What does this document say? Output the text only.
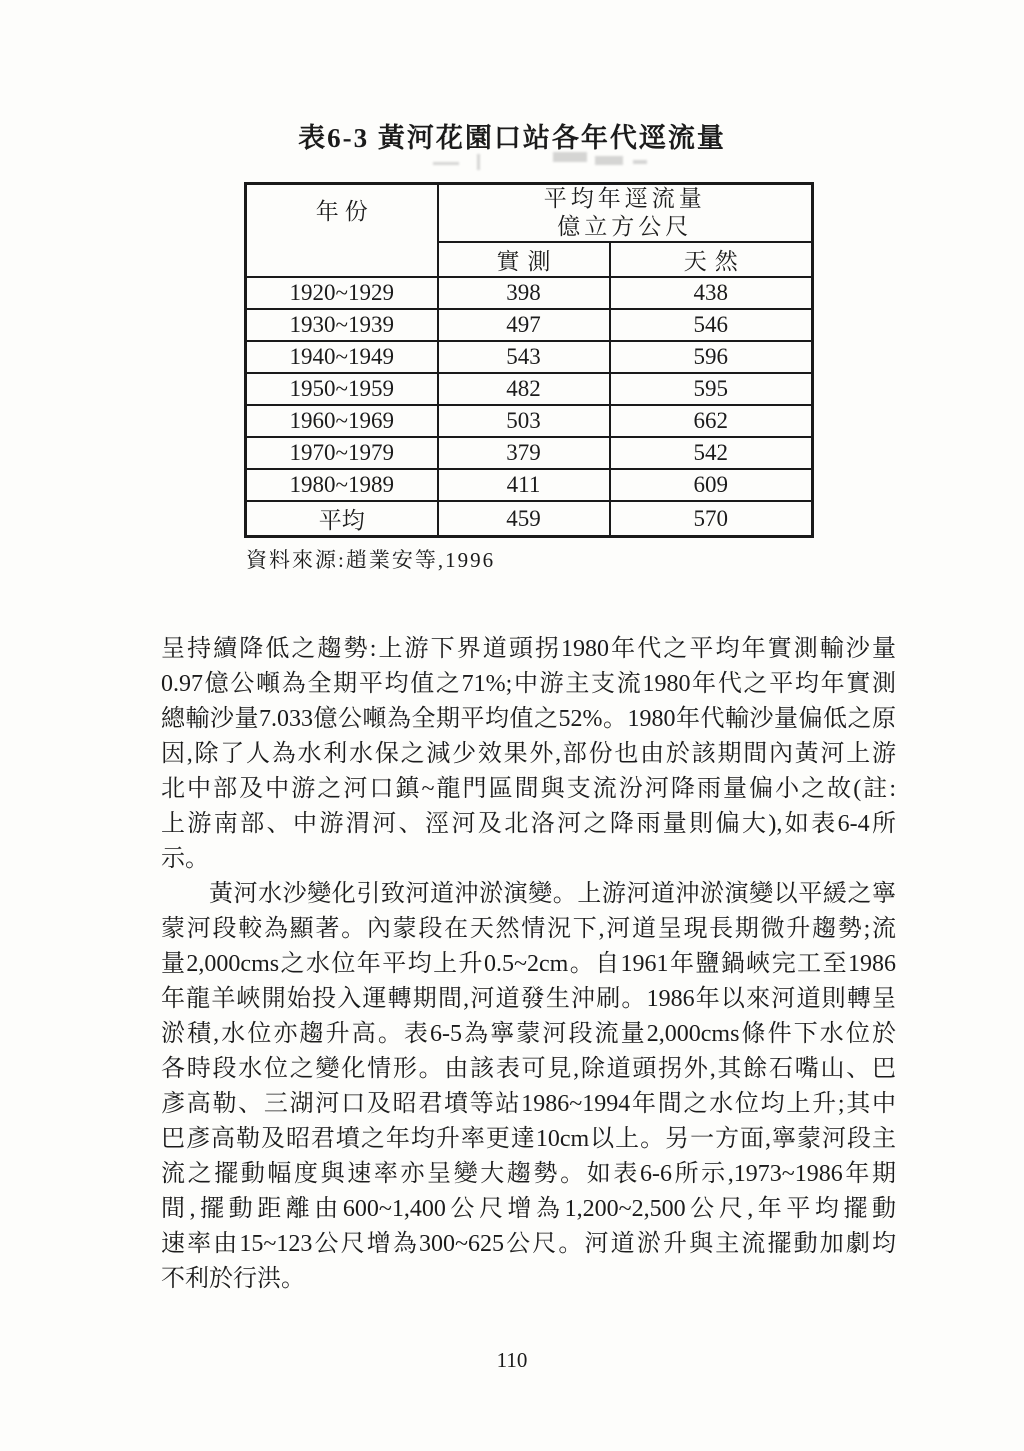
表6-3 黃河花園口站各年代逕流量
年份	平均年逕流量
億立方公尺	

	實測	天然
1920~1929	398	438
1930~1939	497	546
1940~1949	543	596
1950~1959	482	595
1960~1969	503	662
1970~1979	379	542
1980~1989	411	609
平均	459	570
資料來源:趙業安等,1996
呈持續降低之趨勢:上游下界道頭拐1980年代之平均年實測輸沙量
0.97億公噸為全期平均值之71%;中游主支流1980年代之平均年實測
總輸沙量7.033億公噸為全期平均值之52%。1980年代輸沙量偏低之原
因,除了人為水利水保之減少效果外,部份也由於該期間內黃河上游
北中部及中游之河口鎮~龍門區間與支流汾河降雨量偏小之故(註:
上游南部、中游渭河、涇河及北洛河之降雨量則偏大),如表6-4所
示。
黃河水沙變化引致河道沖淤演變。上游河道沖淤演變以平緩之寧
蒙河段較為顯著。內蒙段在天然情況下,河道呈現長期微升趨勢;流
量2,000cms之水位年平均上升0.5~2cm。自1961年鹽鍋峽完工至1986
年龍羊峽開始投入運轉期間,河道發生沖刷。1986年以來河道則轉呈
淤積,水位亦趨升高。表6-5為寧蒙河段流量2,000cms條件下水位於
各時段水位之變化情形。由該表可見,除道頭拐外,其餘石嘴山、巴
彥高勒、三湖河口及昭君墳等站1986~1994年間之水位均上升;其中
巴彥高勒及昭君墳之年均升率更達10cm以上。另一方面,寧蒙河段主
流之擺動幅度與速率亦呈變大趨勢。如表6-6所示,1973~1986年期
間,擺動距離由600~1,400公尺增為1,200~2,500公尺,年平均擺動
速率由15~123公尺增為300~625公尺。河道淤升與主流擺動加劇均
不利於行洪。
110
